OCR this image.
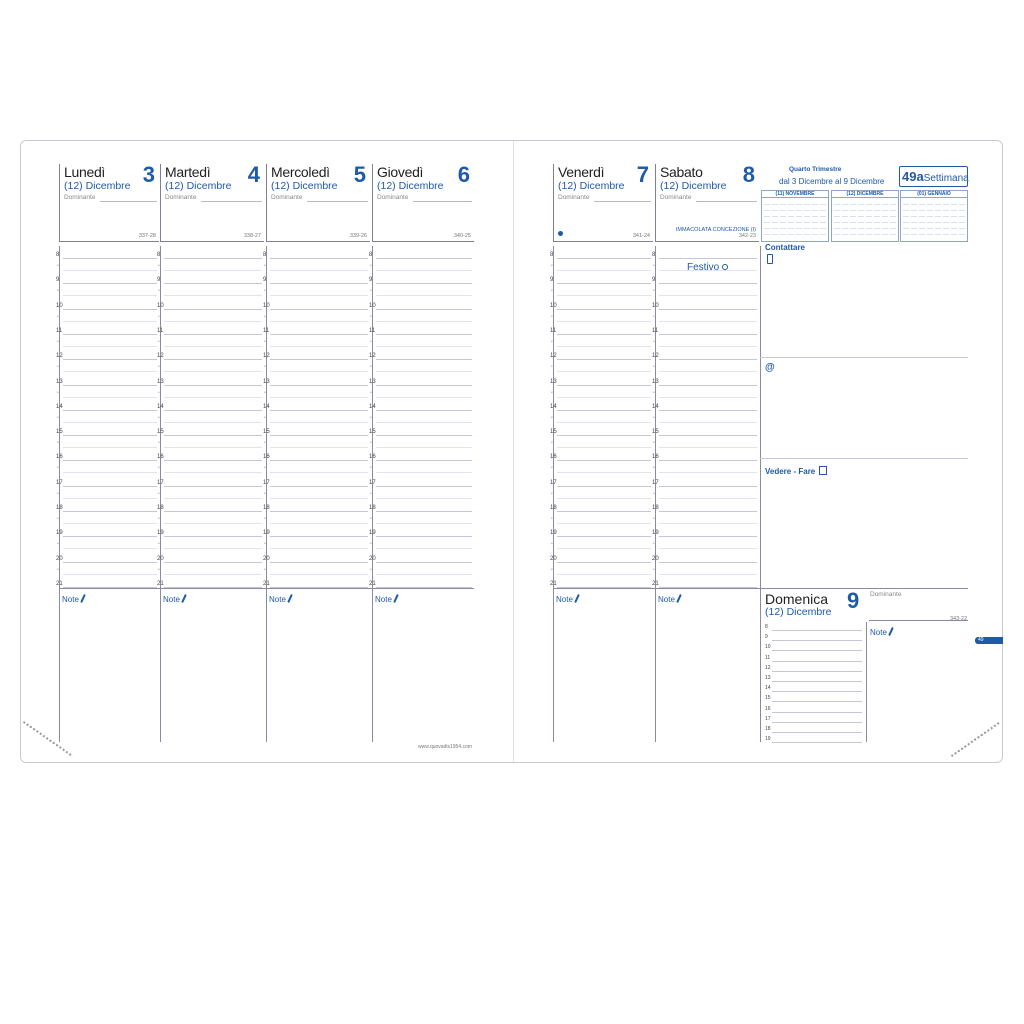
Lunedì
(12) Dicembre 3
Dominante
337-28
8
•
9
•
10
•
11
•
12
•
13
•
14
•
15
•
16
•
17
•
18
•
19
•
20
•
21
Note
Martedì
(12) Dicembre 4
Dominante
338-27
8
•
9
•
10
•
11
•
12
•
13
•
14
•
15
•
16
•
17
•
18
•
19
•
20
•
21
Note
Mercoledì
(12) Dicembre 5
Dominante
339-26
8
•
9
•
10
•
11
•
12
•
13
•
14
•
15
•
16
•
17
•
18
•
19
•
20
•
21
Note
Giovedì
(12) Dicembre 6
Dominante
340-25
8
•
9
•
10
•
11
•
12
•
13
•
14
•
15
•
16
•
17
•
18
•
19
•
20
•
21
Note
Venerdì
(12) Dicembre 7
Dominante
341-24
8
•
9
•
10
•
11
•
12
•
13
•
14
•
15
•
16
•
17
•
18
•
19
•
20
•
21
Note
Sabato
(12) Dicembre 8
Dominante
342-23
IMMACOLATA CONCEZIONE (I)
8
•
9
•
10
•
11
•
12
•
13
•
14
•
15
•
16
•
17
•
18
•
19
•
20
•
21
Note
www.quovadis1954.com
Festivo
Quarto Trimestre
dal 3 Dicembre al 9 Dicembre 49aSettimana
(11) NOVEMBRE	(12) DICEMBRE	(01) GENNAIO
Contattare
@
Vedere - Fare
Domenica
(12) Dicembre 9 Dominante
343-22
Note
8
9
10
11
12
13
14
15
16
17
18
19
49
